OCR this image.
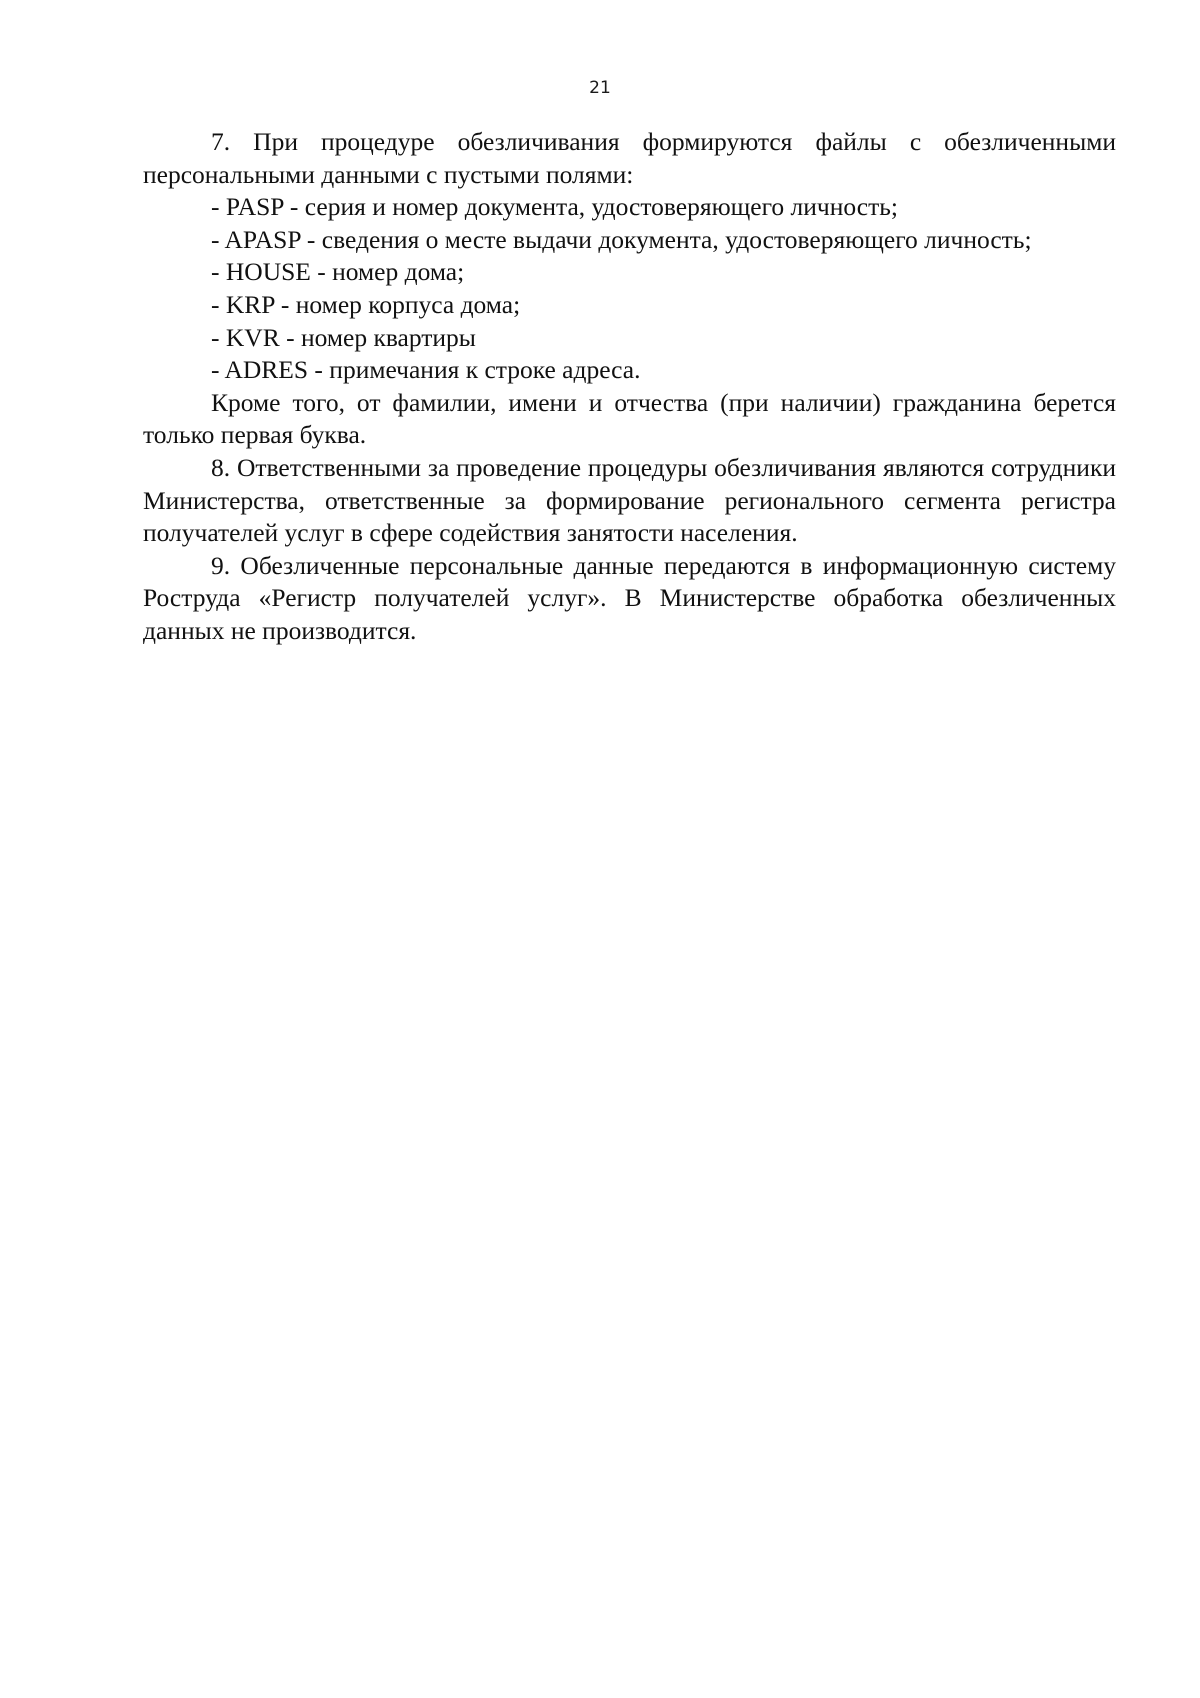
21

7. При процедуре обезличивания формируются файлы с обезличенными персональными данными с пустыми полями:

- PASP - серия и номер документа, удостоверяющего личность;

- APASP - сведения о месте выдачи документа, удостоверяющего личность;

- HOUSE - номер дома;

- KRP - номер корпуса дома;

- KVR - номер квартиры

- ADRES - примечания к строке адреса.

Кроме того, от фамилии, имени и отчества (при наличии) гражданина берется только первая буква.

8. Ответственными за проведение процедуры обезличивания являются сотрудники Министерства, ответственные за формирование регионального сегмента регистра получателей услуг в сфере содействия занятости населения.

9. Обезличенные персональные данные передаются в информационную систему Роструда «Регистр получателей услуг». В Министерстве обработка обезличенных данных не производится.
